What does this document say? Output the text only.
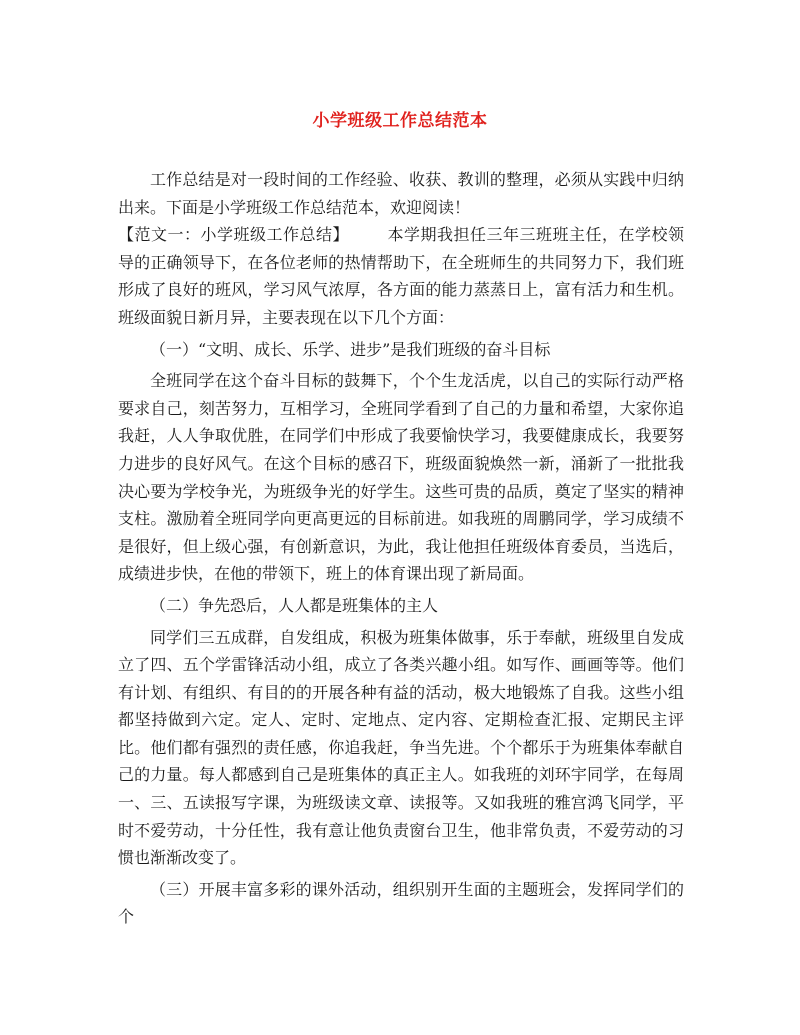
小学班级工作总结范本

工作总结是对一段时间的工作经验、收获、教训的整理，必须从实践中归纳出来。下面是小学班级工作总结范本，欢迎阅读！

【范文一：小学班级工作总结】 本学期我担任三年三班班主任，在学校领导的正确领导下，在各位老师的热情帮助下，在全班师生的共同努力下，我们班形成了良好的班风，学习风气浓厚，各方面的能力蒸蒸日上，富有活力和生机。班级面貌日新月异，主要表现在以下几个方面：

（一）“文明、成长、乐学、进步”是我们班级的奋斗目标

全班同学在这个奋斗目标的鼓舞下，个个生龙活虎，以自己的实际行动严格要求自己，刻苦努力，互相学习，全班同学看到了自己的力量和希望，大家你追我赶，人人争取优胜，在同学们中形成了我要愉快学习，我要健康成长，我要努力进步的良好风气。在这个目标的感召下，班级面貌焕然一新，涌新了一批批我决心要为学校争光，为班级争光的好学生。这些可贵的品质，奠定了坚实的精神支柱。激励着全班同学向更高更远的目标前进。如我班的周鹏同学，学习成绩不是很好，但上级心强，有创新意识，为此，我让他担任班级体育委员，当选后，成绩进步快，在他的带领下，班上的体育课出现了新局面。

（二）争先恐后，人人都是班集体的主人

同学们三五成群，自发组成，积极为班集体做事，乐于奉献，班级里自发成立了四、五个学雷锋活动小组，成立了各类兴趣小组。如写作、画画等等。他们有计划、有组织、有目的的开展各种有益的活动，极大地锻炼了自我。这些小组都坚持做到六定。定人、定时、定地点、定内容、定期检查汇报、定期民主评比。他们都有强烈的责任感，你追我赶，争当先进。个个都乐于为班集体奉献自己的力量。每人都感到自己是班集体的真正主人。如我班的刘环宇同学，在每周一、三、五读报写字课，为班级读文章、读报等。又如我班的雅宫鸿飞同学，平时不爱劳动，十分任性，我有意让他负责窗台卫生，他非常负责，不爱劳动的习惯也渐渐改变了。

（三）开展丰富多彩的课外活动，组织别开生面的主题班会，发挥同学们的个
